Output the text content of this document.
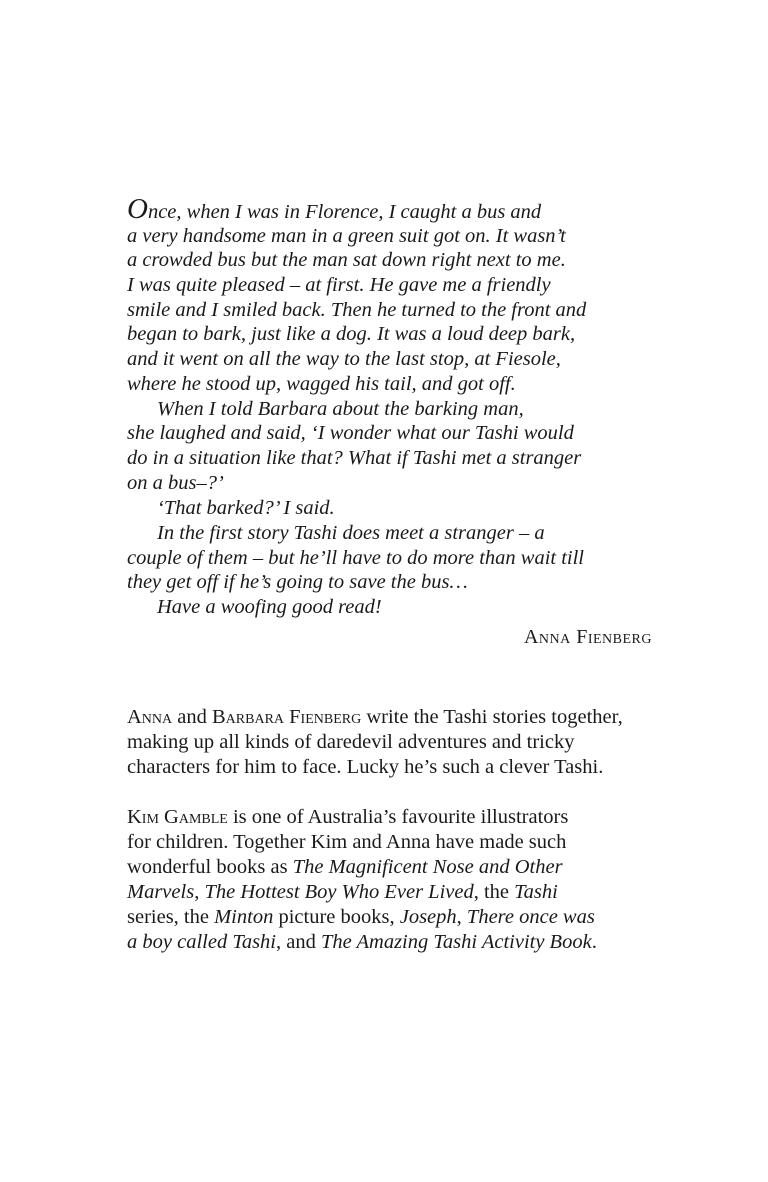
Once, when I was in Florence, I caught a bus and
a very handsome man in a green suit got on. It wasn’t
a crowded bus but the man sat down right next to me.
I was quite pleased – at first. He gave me a friendly
smile and I smiled back. Then he turned to the front and
began to bark, just like a dog. It was a loud deep bark,
and it went on all the way to the last stop, at Fiesole,
where he stood up, wagged his tail, and got off.
When I told Barbara about the barking man,
she laughed and said, ‘I wonder what our Tashi would
do in a situation like that? What if Tashi met a stranger
on a bus–?’
‘That barked?’ I said.
In the first story Tashi does meet a stranger – a
couple of them – but he’ll have to do more than wait till
they get off if he’s going to save the bus…
Have a woofing good read!
Anna Fienberg
Anna and Barbara Fienberg write the Tashi stories together,
making up all kinds of daredevil adventures and tricky
characters for him to face. Lucky he’s such a clever Tashi.
Kim Gamble is one of Australia’s favourite illustrators
for children. Together Kim and Anna have made such
wonderful books as The Magnificent Nose and Other
Marvels, The Hottest Boy Who Ever Lived, the Tashi
series, the Minton picture books, Joseph, There once was
a boy called Tashi, and The Amazing Tashi Activity Book.
